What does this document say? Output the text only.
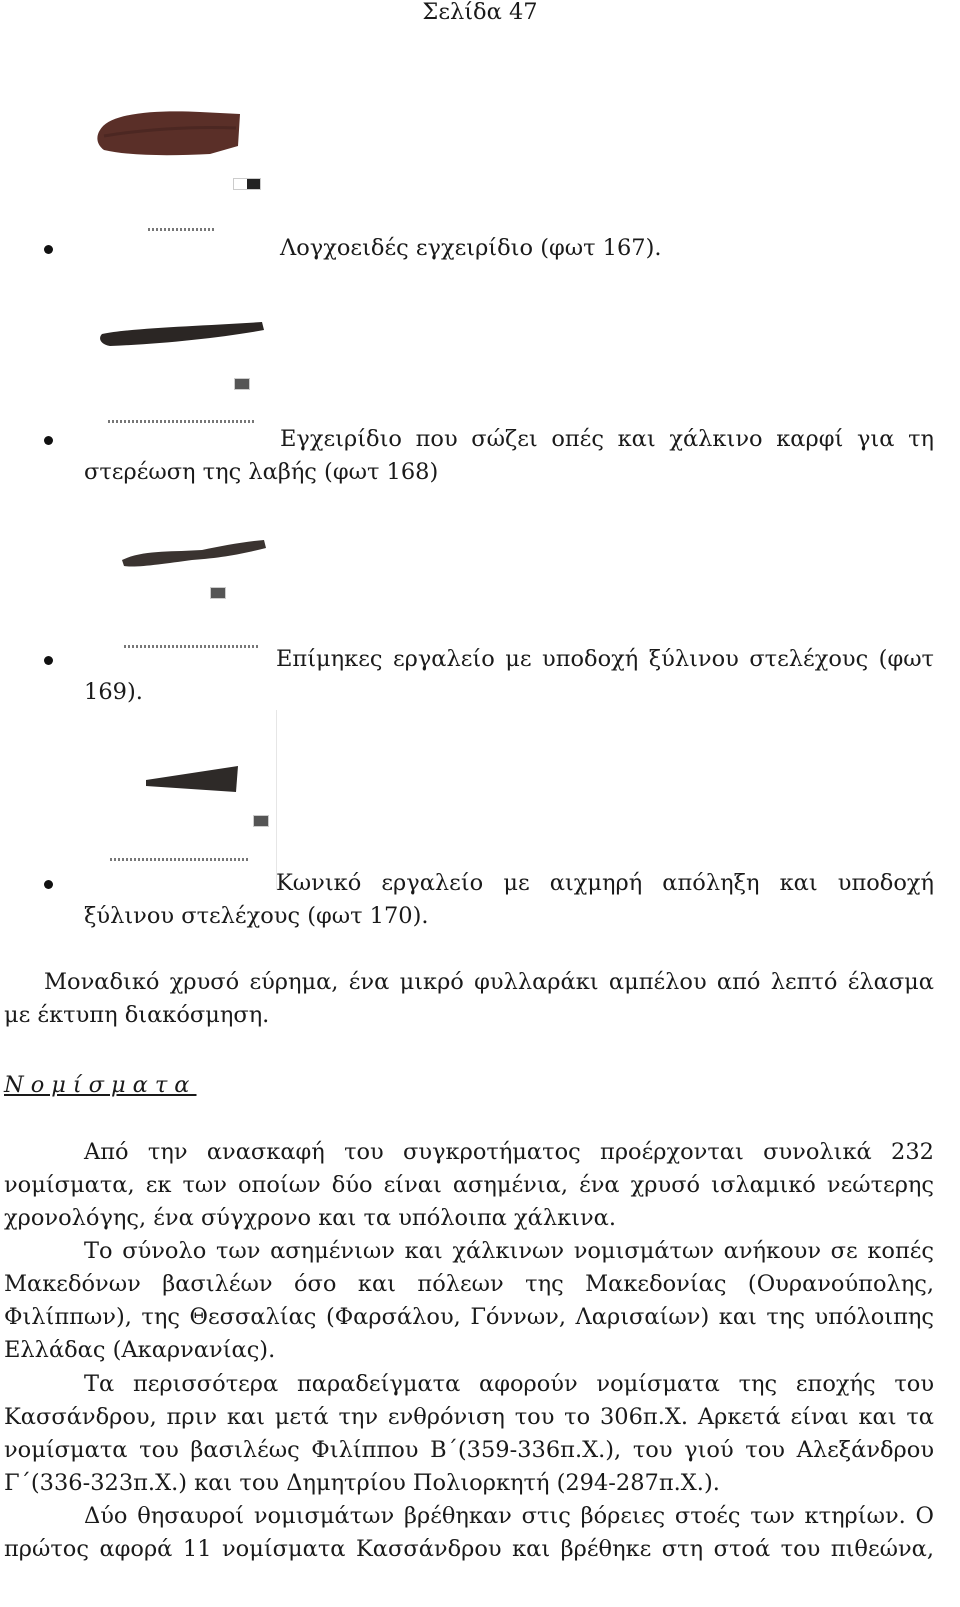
Σελίδα 47
Λογχοειδές εγχειρίδιο (φωτ 167).
Εγχειρίδιο που σώζει οπές και χάλκινο καρφί για τη
στερέωση της λαβής (φωτ 168)
Επίμηκες εργαλείο με υποδοχή ξύλινου στελέχους (φωτ
169).
Κωνικό εργαλείο με αιχμηρή απόληξη και υποδοχή
ξύλινου στελέχους (φωτ 170).
Μοναδικό χρυσό εύρημα, ένα μικρό φυλλαράκι αμπέλου από λεπτό έλασμα
με έκτυπη διακόσμηση.
Νομίσματα
Από την ανασκαφή του συγκροτήματος προέρχονται συνολικά 232
νομίσματα, εκ των οποίων δύο είναι ασημένια, ένα χρυσό ισλαμικό νεώτερης
χρονολόγης, ένα σύγχρονο και τα υπόλοιπα χάλκινα.
Το σύνολο των ασημένιων και χάλκινων νομισμάτων ανήκουν σε κοπές
Μακεδόνων βασιλέων όσο και πόλεων της Μακεδονίας (Ουρανούπολης,
Φιλίππων), της Θεσσαλίας (Φαρσάλου, Γόννων, Λαρισαίων) και της υπόλοιπης
Ελλάδας (Ακαρνανίας).
Τα περισσότερα παραδείγματα αφορούν νομίσματα της εποχής του
Κασσάνδρου, πριν και μετά την ενθρόνιση του το 306π.Χ. Αρκετά είναι και τα
νομίσματα του βασιλέως Φιλίππου Β΄(359-336π.Χ.), του γιού του Αλεξάνδρου
Γ΄(336-323π.Χ.) και του Δημητρίου Πολιορκητή (294-287π.Χ.).
Δύο θησαυροί νομισμάτων βρέθηκαν στις βόρειες στοές των κτηρίων. Ο
πρώτος αφορά 11 νομίσματα Κασσάνδρου και βρέθηκε στη στοά του πιθεώνα,
